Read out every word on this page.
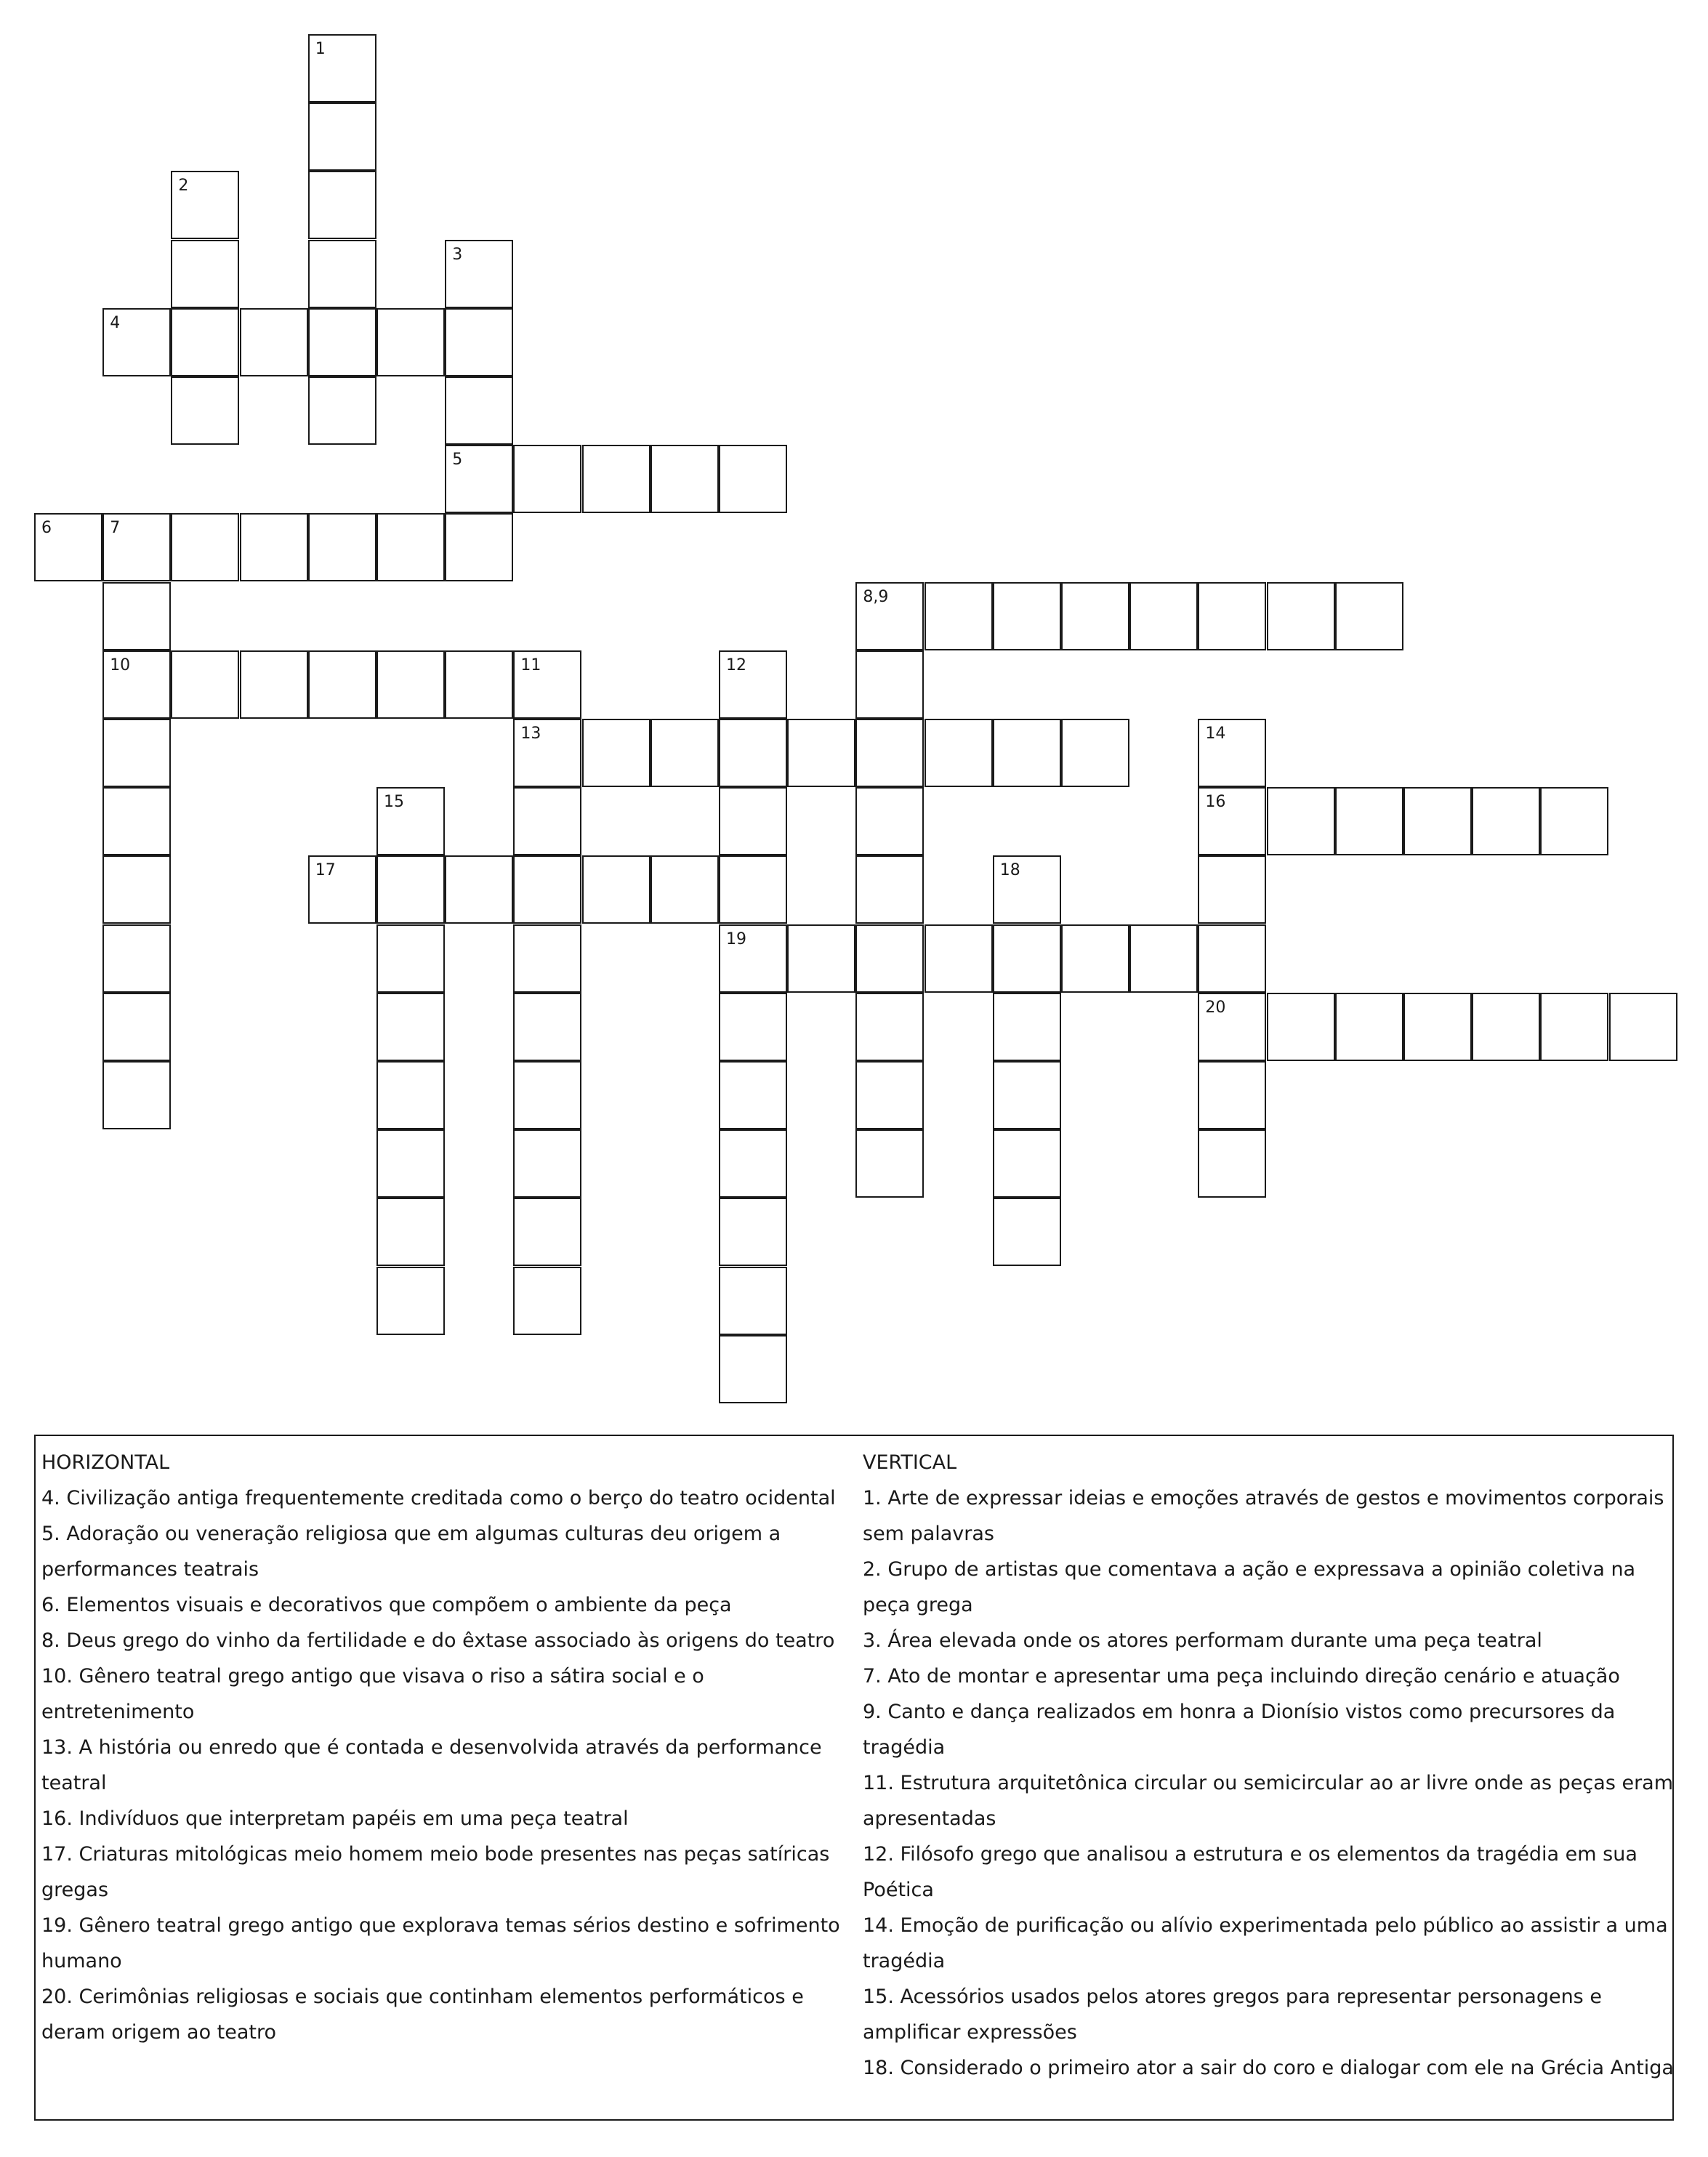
1
2
3
5
4
6	7
8,9
10	11	12
13	14
15	16
17	18
19
20

HORIZONTAL

4. Civilização antiga frequentemente creditada como o berço do teatro ocidental

5. Adoração ou veneração religiosa que em algumas culturas deu origem a performances teatrais

6. Elementos visuais e decorativos que compõem o ambiente da peça

8. Deus grego do vinho da fertilidade e do êxtase associado às origens do teatro

10. Gênero teatral grego antigo que visava o riso a sátira social e o entretenimento

13. A história ou enredo que é contada e desenvolvida através da performance teatral

16. Indivíduos que interpretam papéis em uma peça teatral

17. Criaturas mitológicas meio homem meio bode presentes nas peças satíricas gregas

19. Gênero teatral grego antigo que explorava temas sérios destino e sofrimento humano

20. Cerimônias religiosas e sociais que continham elementos performáticos e deram origem ao teatro

VERTICAL

1. Arte de expressar ideias e emoções através de gestos e movimentos corporais sem palavras

2. Grupo de artistas que comentava a ação e expressava a opinião coletiva na peça grega

3. Área elevada onde os atores performam durante uma peça teatral

7. Ato de montar e apresentar uma peça incluindo direção cenário e atuação

9. Canto e dança realizados em honra a Dionísio vistos como precursores da tragédia

11. Estrutura arquitetônica circular ou semicircular ao ar livre onde as peças eram apresentadas

12. Filósofo grego que analisou a estrutura e os elementos da tragédia em sua Poética

14. Emoção de purificação ou alívio experimentada pelo público ao assistir a uma tragédia

15. Acessórios usados pelos atores gregos para representar personagens e amplificar expressões

18. Considerado o primeiro ator a sair do coro e dialogar com ele na Grécia Antiga
